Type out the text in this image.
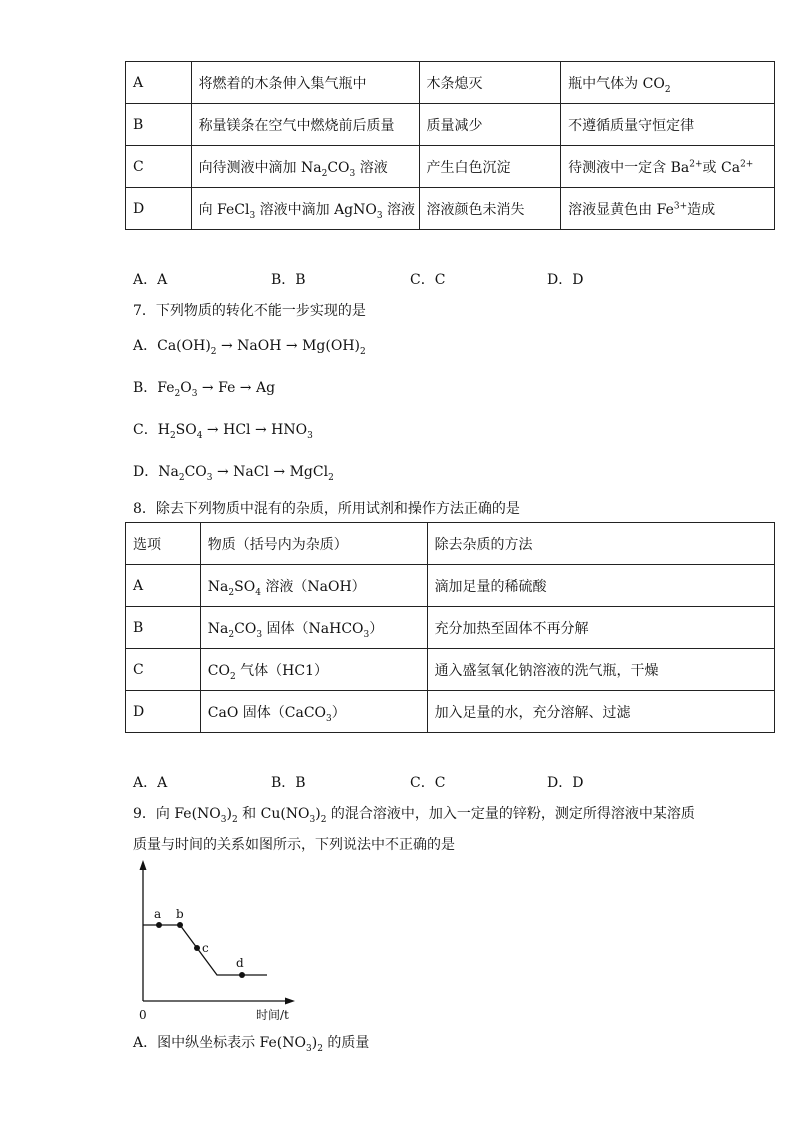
A	将燃着的木条伸入集气瓶中	木条熄灭	瓶中气体为 $CO_2$
B	称量镁条在空气中燃烧前后质量	质量减少	不遵循质量守恒定律
C	向待测液中滴加 $Na_2CO_3$ 溶液	产生白色沉淀	待测液中一定含 $Ba^{2+}$或 $Ca^{2+}$
D	向 FeCl$_3$ 溶液中滴加 AgNO$_3$ 溶液	溶液颜色未消失	溶液显黄色由 $Fe^{3+}$造成
A．A	B．B	C．C	D．D
7．下列物质的转化不能一步实现的是
A．$Ca(OH)_2$ → NaOH → $Mg(OH)_2$
B．$Fe_2O_3 \to Fe \to Ag$
C．$H_2SO_4$ → HCl → $HNO_3$
D．$Na_2CO_3$ → NaCl → MgCl$_2$
8．除去下列物质中混有的杂质，所用试剂和操作方法正确的是
选项	物质（括号内为杂质）	除去杂质的方法
A	$Na_2SO_4$ 溶液（NaOH）	滴加足量的稀硫酸
B	$Na_2CO_3$ 固体（NaHCO$_3$）	充分加热至固体不再分解
C	$CO_2$ 气体（HC1）	通入盛氢氧化钠溶液的洗气瓶，干燥
D	CaO 固体（CaCO$_3$）	加入足量的水，充分溶解、过滤
A．A	B．B	C．C	D．D
9．向 $Fe(NO_3)_2$ 和 $Cu(NO_3)_2$ 的混合溶液中，加入一定量的锌粉，测定所得溶液中某溶质
质量与时间的关系如图所示，下列说法中不正确的是
a b
c
d
0	时间/t
A．图中纵坐标表示 $Fe(NO_3)_2$ 的质量
